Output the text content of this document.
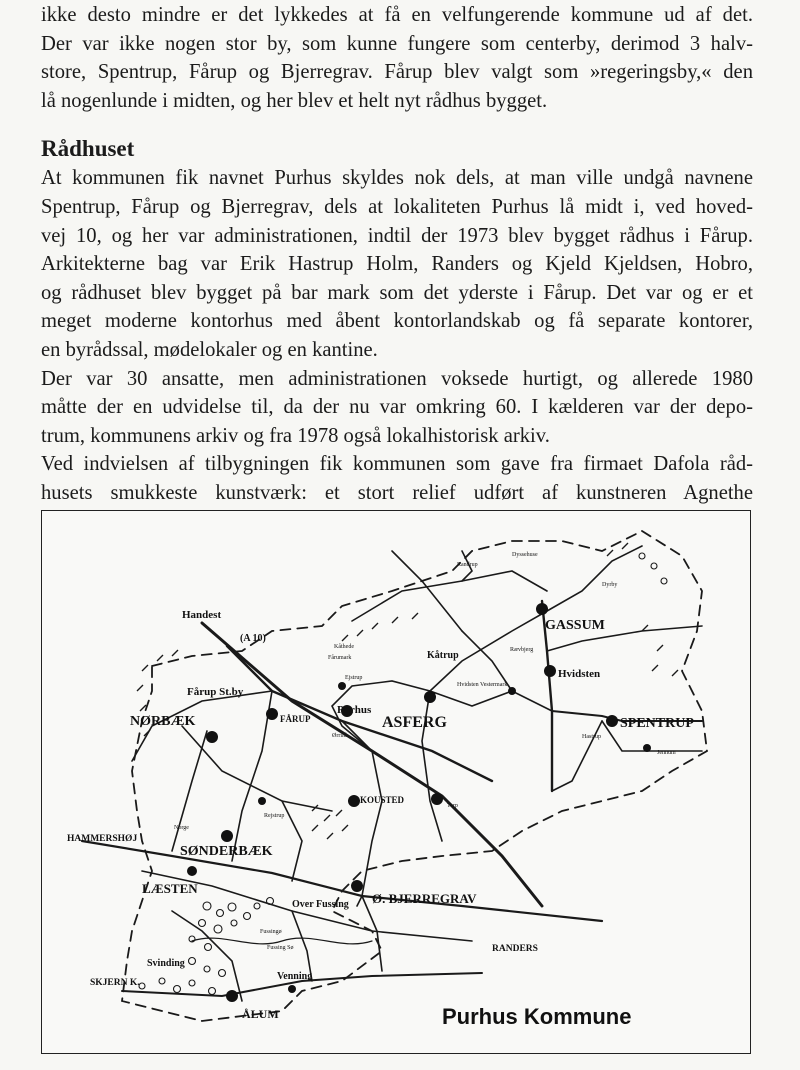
ikke desto mindre er det lykkedes at få en velfungerende kommune ud af det.
Der var ikke nogen stor by, som kunne fungere som centerby, derimod 3 halv-
store, Spentrup, Fårup og Bjerregrav. Fårup blev valgt som »regeringsby,« den
lå nogenlunde i midten, og her blev et helt nyt rådhus bygget.
Rådhuset
At kommunen fik navnet Purhus skyldes nok dels, at man ville undgå navnene
Spentrup, Fårup og Bjerregrav, dels at lokaliteten Purhus lå midt i, ved hoved-
vej 10, og her var administrationen, indtil der 1973 blev bygget rådhus i Fårup.
Arkitekterne bag var Erik Hastrup Holm, Randers og Kjeld Kjeldsen, Hobro,
og rådhuset blev bygget på bar mark som det yderste i Fårup. Det var og er et
meget moderne kontorhus med åbent kontorlandskab og få separate kontorer,
en byrådssal, mødelokaler og en kantine.
Der var 30 ansatte, men administrationen voksede hurtigt, og allerede 1980
måtte der en udvidelse til, da der nu var omkring 60. I kælderen var der depo-
trum, kommunens arkiv og fra 1978 også lokalhistorisk arkiv.
Ved indvielsen af tilbygningen fik kommunen som gave fra firmaet Dafola råd-
husets smukkeste kunstværk: et stort relief udført af kunstneren Agnethe
Handest
(A 10)
Fårup St.by
NØRBÆK	FÅRUP
Purhus
ASFERG
Kåtrup
GASSUM
Hvidsten
SPENTRUP
KOUSTED
HAMMERSHØJ
SØNDERBÆK
LÆSTEN
Over Fussing Ø. BJERREGRAV
RANDERS
Svinding
SKJERN K.
Venning
ÅLUM
Randrup
Dyssehuse
Dyrby
Kåthede
Fårumark
Ejstrup
Rævbjerg
Hvidsten Vestermark
Hastrup
Jennum
Ørrild
Terp
Rejstrup
Norge
Fussingø
Fussing Sø
Purhus Kommune
